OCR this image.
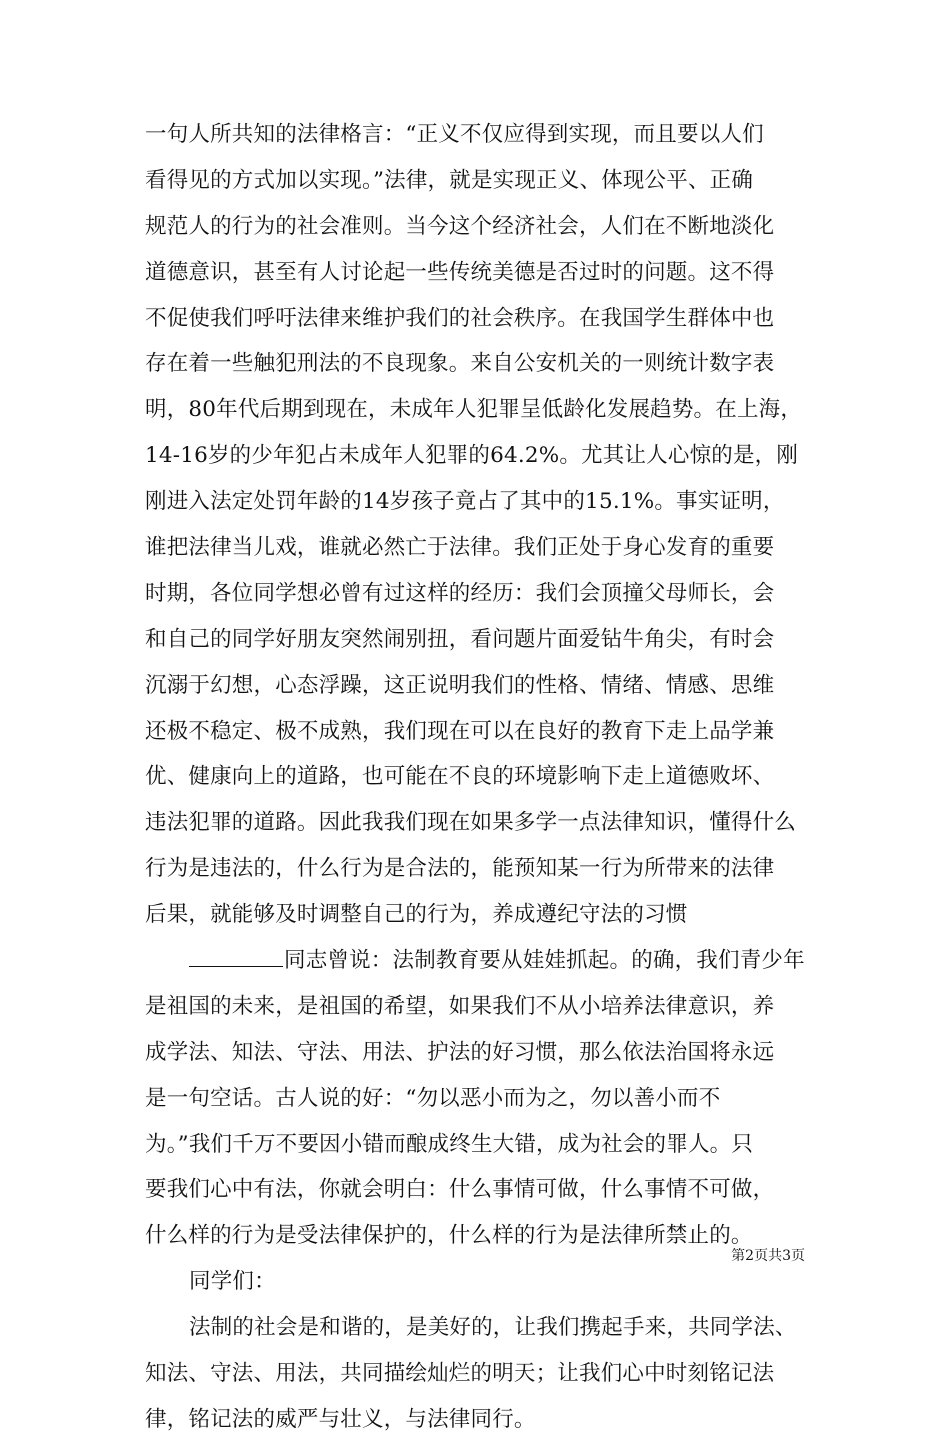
一句人所共知的法律格言：“正义不仅应得到实现，而且要以人们
看得见的方式加以实现。”法律，就是实现正义、体现公平、正确
规范人的行为的社会准则。当今这个经济社会，人们在不断地淡化
道德意识，甚至有人讨论起一些传统美德是否过时的问题。这不得
不促使我们呼吁法律来维护我们的社会秩序。在我国学生群体中也
存在着一些触犯刑法的不良现象。来自公安机关的一则统计数字表
明，80年代后期到现在，未成年人犯罪呈低龄化发展趋势。在上海，
14-16岁的少年犯占未成年人犯罪的64.2%。尤其让人心惊的是，刚
刚进入法定处罚年龄的14岁孩子竟占了其中的15.1%。事实证明，
谁把法律当儿戏，谁就必然亡于法律。我们正处于身心发育的重要
时期，各位同学想必曾有过这样的经历：我们会顶撞父母师长，会
和自己的同学好朋友突然闹别扭，看问题片面爱钻牛角尖，有时会
沉溺于幻想，心态浮躁，这正说明我们的性格、情绪、情感、思维
还极不稳定、极不成熟，我们现在可以在良好的教育下走上品学兼
优、健康向上的道路，也可能在不良的环境影响下走上道德败坏、
违法犯罪的道路。因此我我们现在如果多学一点法律知识，懂得什么
行为是违法的，什么行为是合法的，能预知某一行为所带来的法律
后果，就能够及时调整自己的行为，养成遵纪守法的习惯
同志曾说：法制教育要从娃娃抓起。的确，我们青少年
是祖国的未来，是祖国的希望，如果我们不从小培养法律意识，养
成学法、知法、守法、用法、护法的好习惯，那么依法治国将永远
是一句空话。古人说的好：“勿以恶小而为之，勿以善小而不
为。”我们千万不要因小错而酿成终生大错，成为社会的罪人。只
要我们心中有法，你就会明白：什么事情可做，什么事情不可做，
什么样的行为是受法律保护的，什么样的行为是法律所禁止的。
同学们：
法制的社会是和谐的，是美好的，让我们携起手来，共同学法、
知法、守法、用法，共同描绘灿烂的明天；让我们心中时刻铭记法
律，铭记法的威严与壮义，与法律同行。
第2页共3页
